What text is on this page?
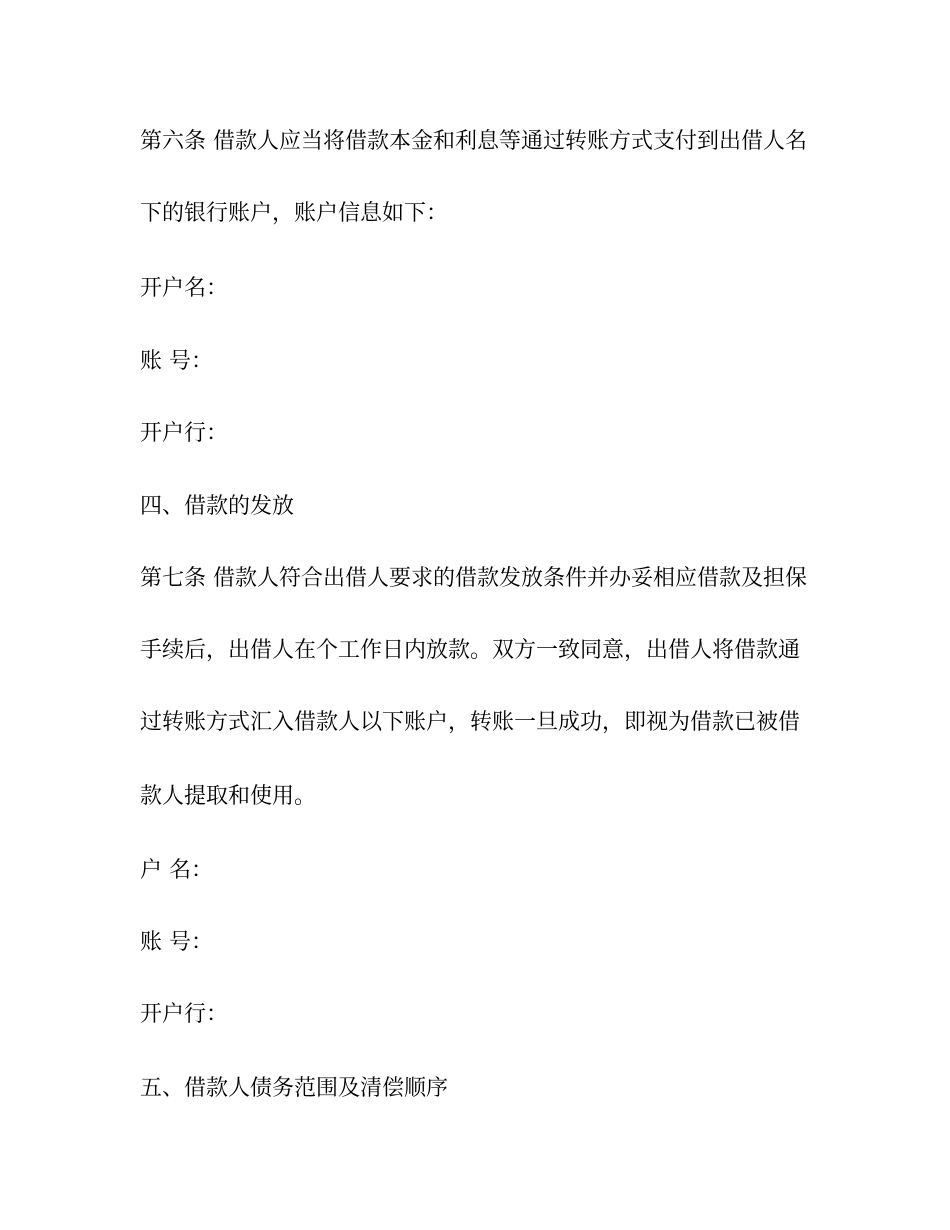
第六条 借款人应当将借款本金和利息等通过转账方式支付到出借人名
下的银行账户，账户信息如下：
开户名：
账 号：
开户行：
四、借款的发放
第七条 借款人符合出借人要求的借款发放条件并办妥相应借款及担保
手续后，出借人在个工作日内放款。双方一致同意，出借人将借款通
过转账方式汇入借款人以下账户，转账一旦成功，即视为借款已被借
款人提取和使用。
户 名：
账 号：
开户行：
五、借款人债务范围及清偿顺序
